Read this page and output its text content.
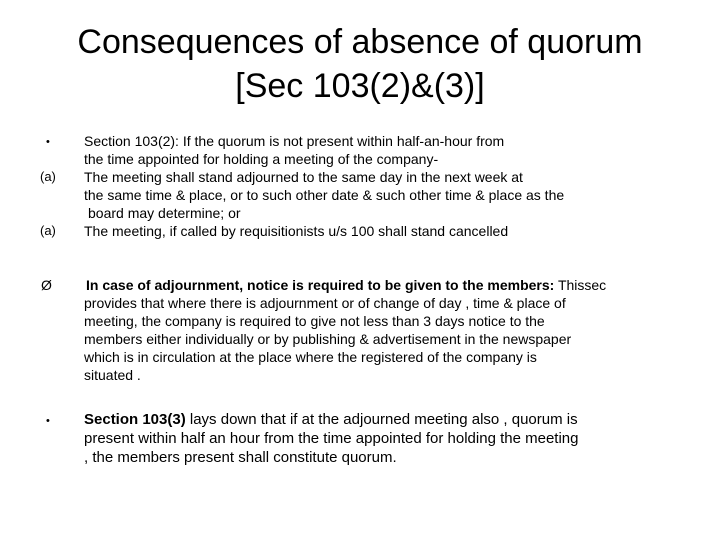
Consequences of absence of quorum
[Sec 103(2)&(3)]
•	Section 103(2): If the quorum is not present within half-an-hour from
the time appointed for holding a meeting of the company-
(a)	The meeting shall stand adjourned to the same day in the next week at
the same time & place, or to such other date & such other time & place as the
board may determine; or
(a)	The meeting, if called by requisitionists u/s 100 shall stand cancelled
Ø	In case of adjournment, notice is required to be given to the members: Thissec
provides that where there is adjournment or of change of day , time & place of
meeting, the company is required to give not less than 3 days notice to the
members either individually or by publishing & advertisement in the newspaper
which is in circulation at the place where the registered of the company is
situated .
•	Section 103(3) lays down that if at the adjourned meeting also , quorum is
present within half an hour from the time appointed for holding the meeting
, the members present shall constitute quorum.
